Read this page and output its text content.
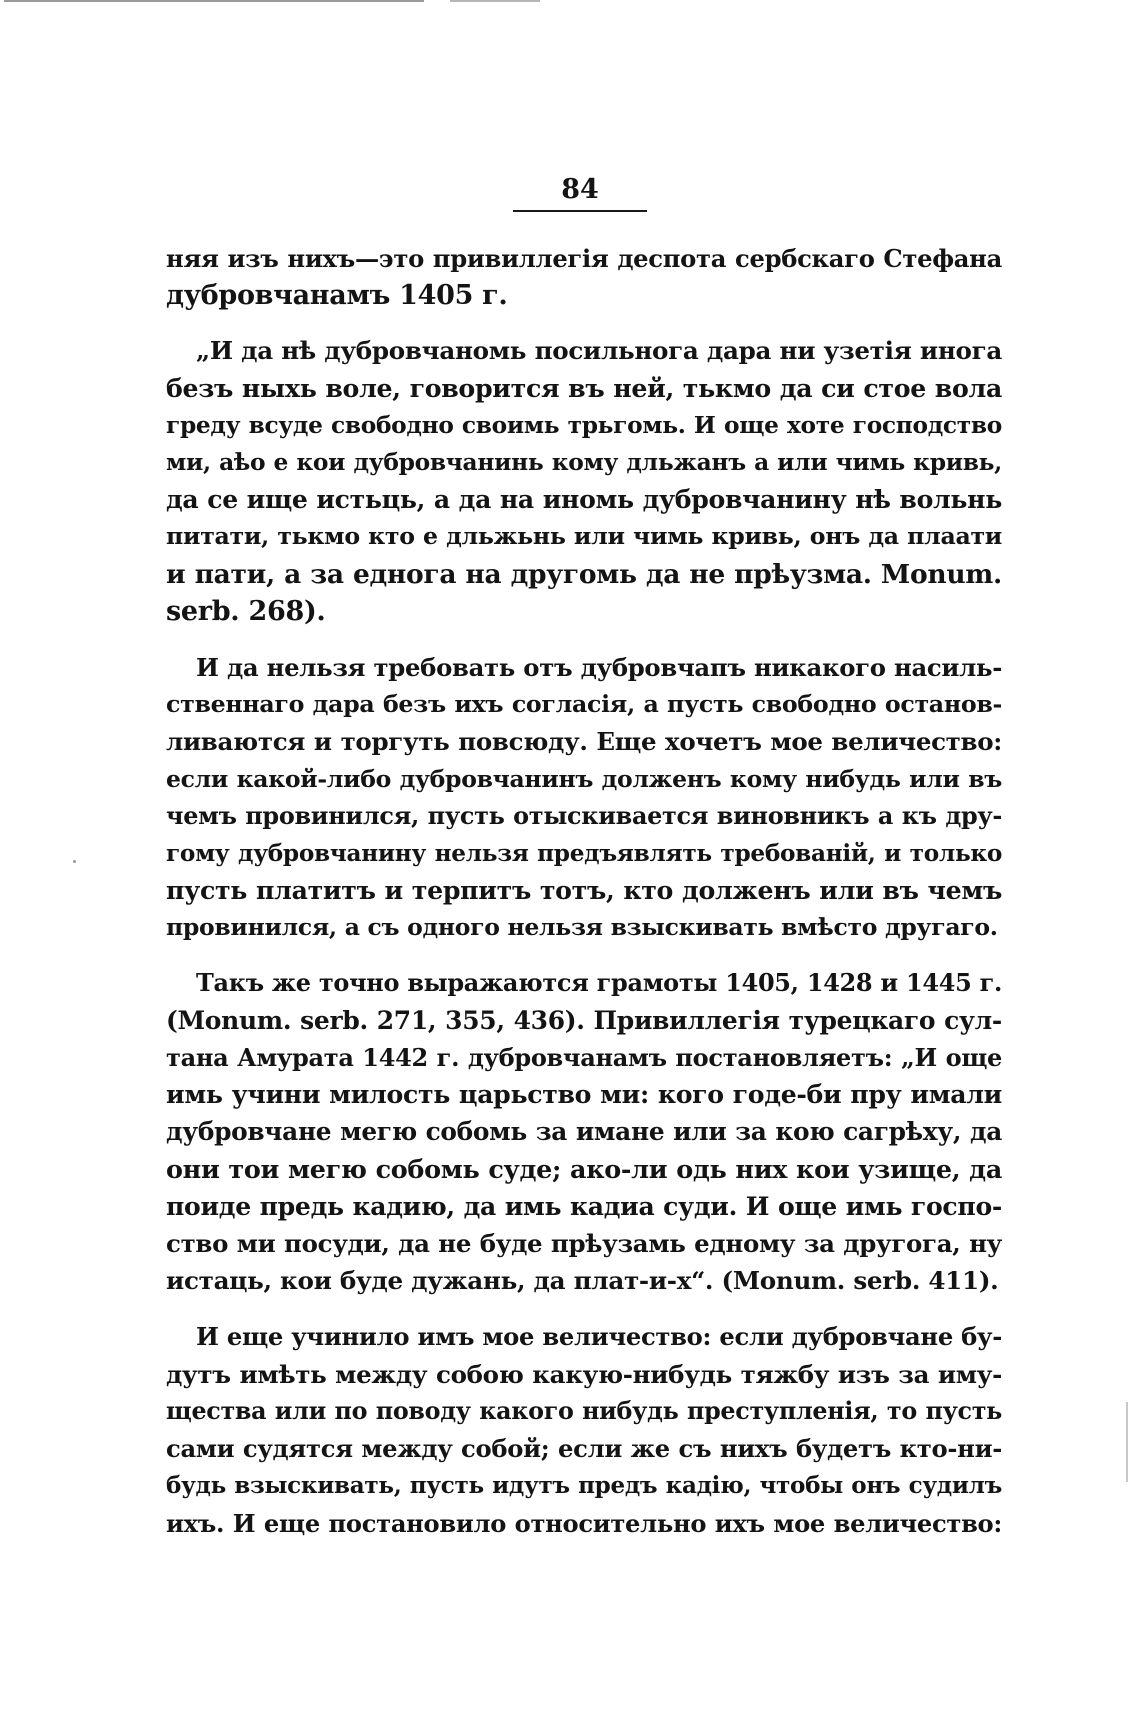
84

няя изъ нихъ—это привиллегія деспота сербскаго Стефана
дубровчанамъ 1405 г.

„И да нѣ дубровчаномь посильнога дара ни узетія инога
безъ ныхь воле, говорится въ ней, тькмо да си стое вола
греду всуде свободно своимь трьгомь. И още хоте господство
ми, аѣо е кои дубровчанинь кому дльжанъ а или чимь кривь,
да се ище истьць, а да на иномь дубровчанину нѣ вольнь
питати, тькмо кто е дльжьнь или чимь кривь, онъ да плаати
и пати, а за еднога на другомь да не прѣузма. Monum.
serb. 268).

И да нельзя требовать отъ дубровчапъ никакого насиль-
ственнаго дара безъ ихъ согласія, а пусть свободно останов-
ливаются и торгуть повсюду. Еще хочетъ мое величество:
если какой-либо дубровчанинъ долженъ кому нибудь или въ
чемъ провинился, пусть отыскивается виновникъ а къ дру-
гому дубровчанину нельзя предъявлять требованій, и только
пусть платитъ и терпитъ тотъ, кто долженъ или въ чемъ
провинился, а съ одного нельзя взыскивать вмѣсто другаго.

Такъ же точно выражаются грамоты 1405, 1428 и 1445 г.
(Monum. serb. 271, 355, 436). Привиллегія турецкаго сул-
тана Амурата 1442 г. дубровчанамъ постановляетъ: „И още
имь учини милость царьство ми: кого годе-би пру имали
дубровчане мегю собомь за имане или за кою сагрѣху, да
они тои мегю собомь суде; ако-ли одь них кои узище, да
поиде предь кадию, да имь кадиа суди. И още имь госпо-
ство ми посуди, да не буде прѣузамь едному за другога, ну
истаць, кои буде дужань, да плат-и-х“. (Monum. serb. 411).

И еще учинило имъ мое величество: если дубровчане бу-
дутъ имѣть между собою какую-нибудь тяжбу изъ за иму-
щества или по поводу какого нибудь преступленія, то пусть
сами судятся между собой; если же съ нихъ будетъ кто-ни-
будь взыскивать, пусть идутъ предъ кадію, чтобы онъ судилъ
ихъ. И еще постановило относительно ихъ мое величество:
